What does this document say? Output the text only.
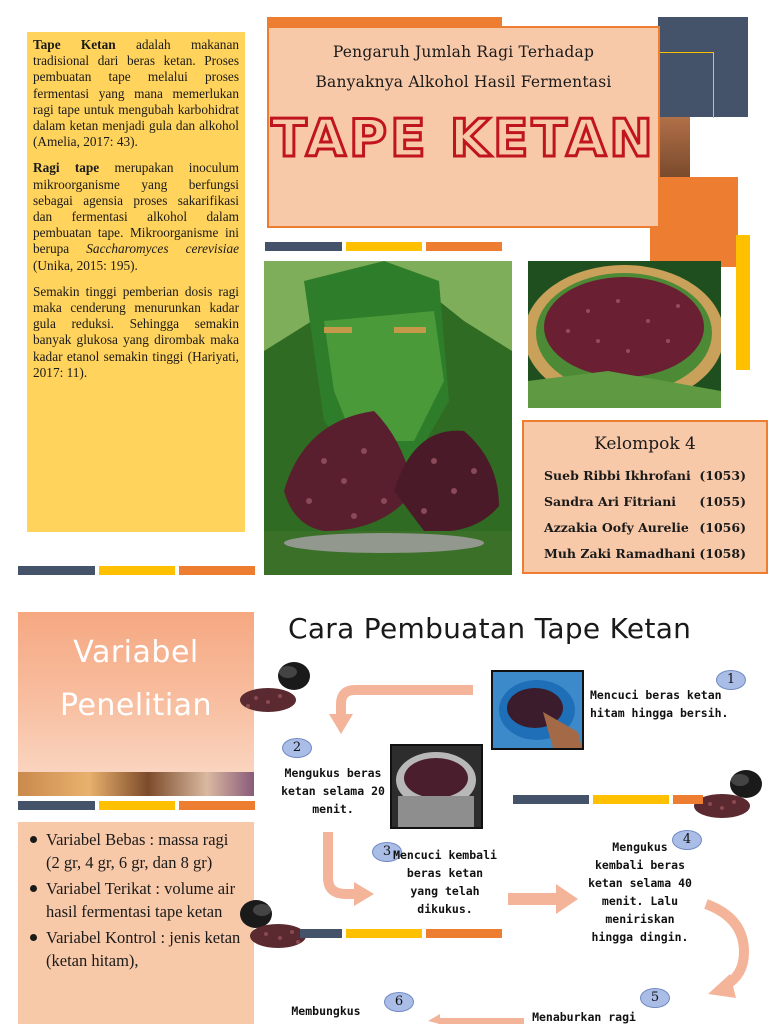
Tape Ketan adalah makanan tradisional dari beras ketan. Proses pembuatan tape melalui proses fermentasi yang mana memerlukan ragi tape untuk mengubah karbohidrat dalam ketan menjadi gula dan alkohol (Amelia, 2017: 43).

Ragi tape merupakan inoculum mikroorganisme yang berfungsi sebagai agensia proses sakarifikasi dan fermentasi alkohol dalam pembuatan tape. Mikroorganisme ini berupa Saccharomyces cerevisiae (Unika, 2015: 195).

Semakin tinggi pemberian dosis ragi maka cenderung menurunkan kadar gula reduksi. Sehingga semakin banyak glukosa yang dirombak maka kadar etanol semakin tinggi (Hariyati, 2017: 11).

Pengaruh Jumlah Ragi Terhadap
Banyaknya Alkohol Hasil Fermentasi
TAPE KETAN
Kelompok 4
Sueb Ribbi Ikhrofani (1053)
Sandra Ari Fitriani (1055)
Azzakia Oofy Aurelie (1056)
Muh Zaki Ramadhani (1058)
Variabel
Penelitian
Variabel Bebas : massa ragi (2 gr, 4 gr, 6 gr, dan 8 gr)
Variabel Terikat : volume air hasil fermentasi tape ketan
Variabel Kontrol : jenis ketan (ketan hitam),
Cara Pembuatan Tape Ketan
1
Mencuci beras ketan hitam hingga bersih.
2
Mengukus beras ketan selama 20 menit.
3 Mencuci kembali beras ketan yang telah dikukus.
4
Mengukus kembali beras ketan selama 40 menit. Lalu meniriskan hingga dingin.
5
Menaburkan ragi
6
Membungkus
